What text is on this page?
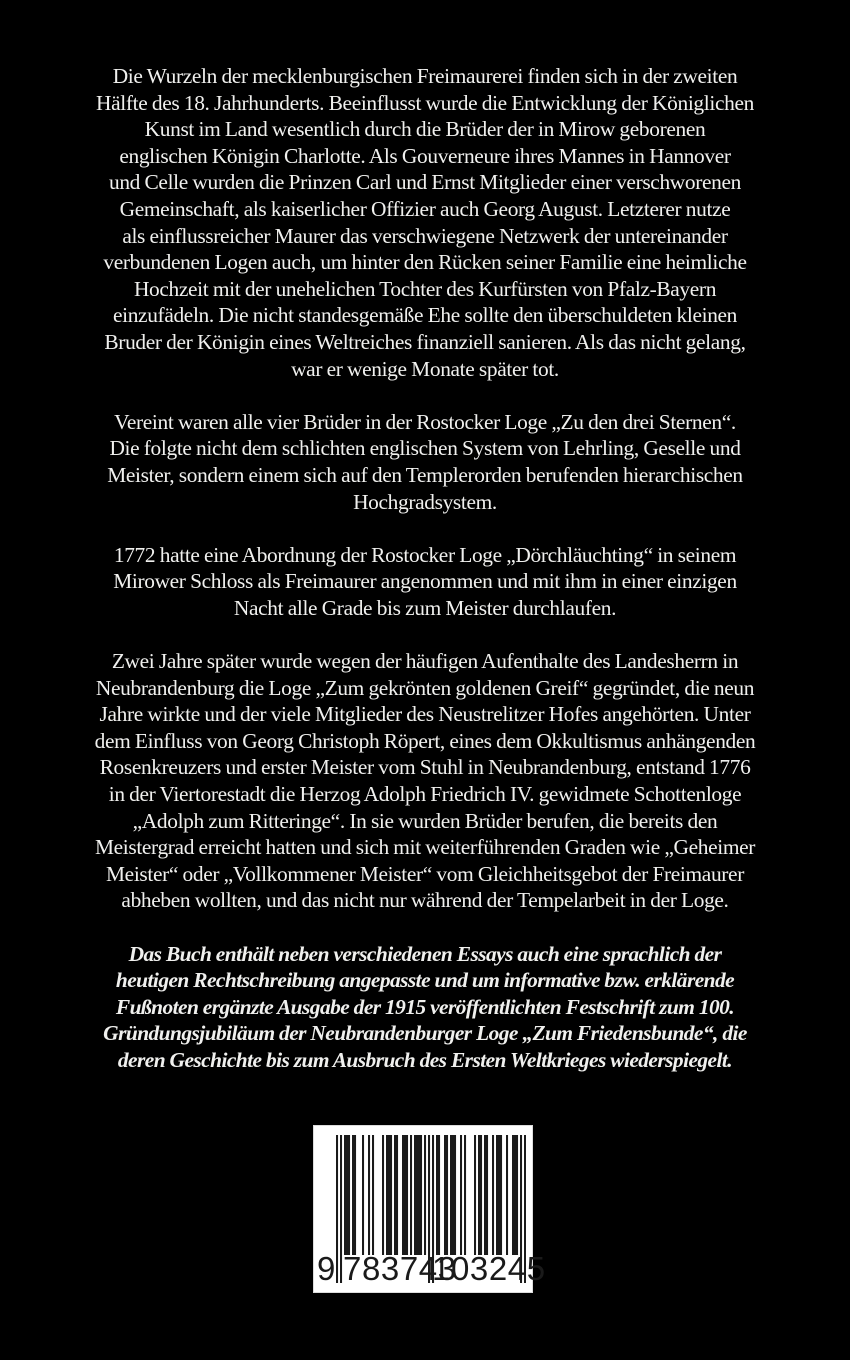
Die Wurzeln der mecklenburgischen Freimaurerei finden sich in der zweiten
Hälfte des 18. Jahrhunderts. Beeinflusst wurde die Entwicklung der Königlichen
Kunst im Land wesentlich durch die Brüder der in Mirow geborenen
englischen Königin Charlotte. Als Gouverneure ihres Mannes in Hannover
und Celle wurden die Prinzen Carl und Ernst Mitglieder einer verschworenen
Gemeinschaft, als kaiserlicher Offizier auch Georg August. Letzterer nutze
als einflussreicher Maurer das verschwiegene Netzwerk der untereinander
verbundenen Logen auch, um hinter den Rücken seiner Familie eine heimliche
Hochzeit mit der unehelichen Tochter des Kurfürsten von Pfalz-Bayern
einzufädeln. Die nicht standesgemäße Ehe sollte den überschuldeten kleinen
Bruder der Königin eines Weltreiches finanziell sanieren. Als das nicht gelang,
war er wenige Monate später tot.

Vereint waren alle vier Brüder in der Rostocker Loge „Zu den drei Sternen“.
Die folgte nicht dem schlichten englischen System von Lehrling, Geselle und
Meister, sondern einem sich auf den Templerorden berufenden hierarchischen
Hochgradsystem.

1772 hatte eine Abordnung der Rostocker Loge „Dörchläuchting“ in seinem
Mirower Schloss als Freimaurer angenommen und mit ihm in einer einzigen
Nacht alle Grade bis zum Meister durchlaufen.

Zwei Jahre später wurde wegen der häufigen Aufenthalte des Landesherrn in
Neubrandenburg die Loge „Zum gekrönten goldenen Greif“ gegründet, die neun
Jahre wirkte und der viele Mitglieder des Neustrelitzer Hofes angehörten. Unter
dem Einfluss von Georg Christoph Röpert, eines dem Okkultismus anhängenden
Rosenkreuzers und erster Meister vom Stuhl in Neubrandenburg, entstand 1776
in der Viertorestadt die Herzog Adolph Friedrich IV. gewidmete Schottenloge
„Adolph zum Ritteringe“. In sie wurden Brüder berufen, die bereits den
Meistergrad erreicht hatten und sich mit weiterführenden Graden wie „Geheimer
Meister“ oder „Vollkommener Meister“ vom Gleichheitsgebot der Freimaurer
abheben wollten, und das nicht nur während der Tempelarbeit in der Loge.

Das Buch enthält neben verschiedenen Essays auch eine sprachlich der
heutigen Rechtschreibung angepasste und um informative bzw. erklärende
Fußnoten ergänzte Ausgabe der 1915 veröffentlichten Festschrift zum 100.
Gründungsjubiläum der Neubrandenburger Loge „Zum Friedensbunde“, die
deren Geschichte bis zum Ausbruch des Ersten Weltkrieges wiederspiegelt.

9 783743
103245
